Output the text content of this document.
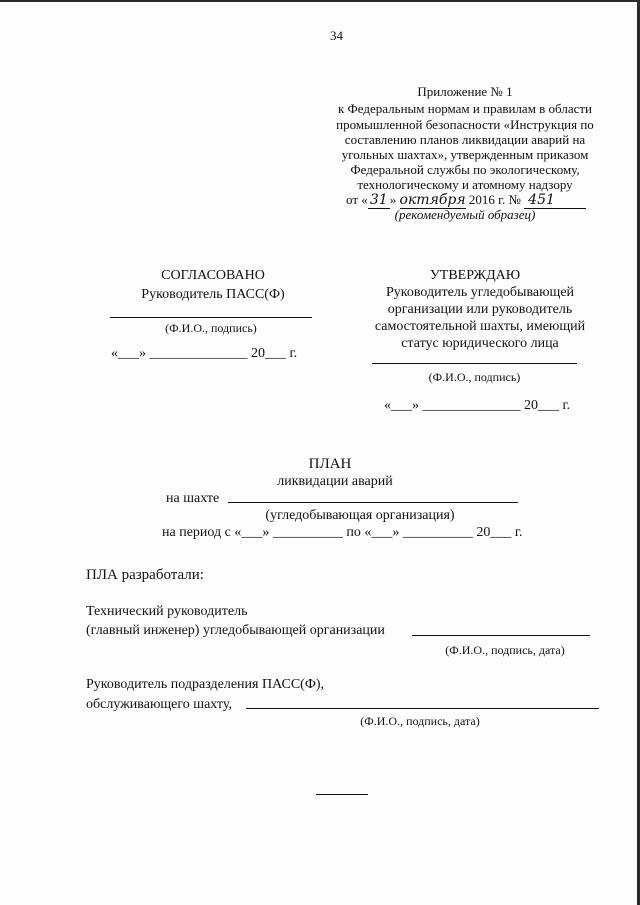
34
Приложение № 1
к Федеральным нормам и правилам в области
промышленной безопасности «Инструкция по
составлению планов ликвидации аварий на
угольных шахтах», утвержденным приказом
Федеральной службы по экологическому,
технологическому и атомному надзору
от « 31 » октября 2016 г. № 451
(рекомендуемый образец)
СОГЛАСОВАНО
Руководитель ПАСС(Ф)
(Ф.И.О., подпись)
«___» ______________ 20___ г.
УТВЕРЖДАЮ
Руководитель угледобывающей
организации или руководитель
самостоятельной шахты, имеющий
статус юридического лица
(Ф.И.О., подпись)
«___» ______________ 20___ г.
ПЛАН
ликвидации аварий
на шахте
(угледобывающая организация)
на период с «___» __________ по «___» __________ 20___ г.
ПЛА разработали:
Технический руководитель
(главный инженер) угледобывающей организации
(Ф.И.О., подпись, дата)
Руководитель подразделения ПАСС(Ф),
обслуживающего шахту,
(Ф.И.О., подпись, дата)
